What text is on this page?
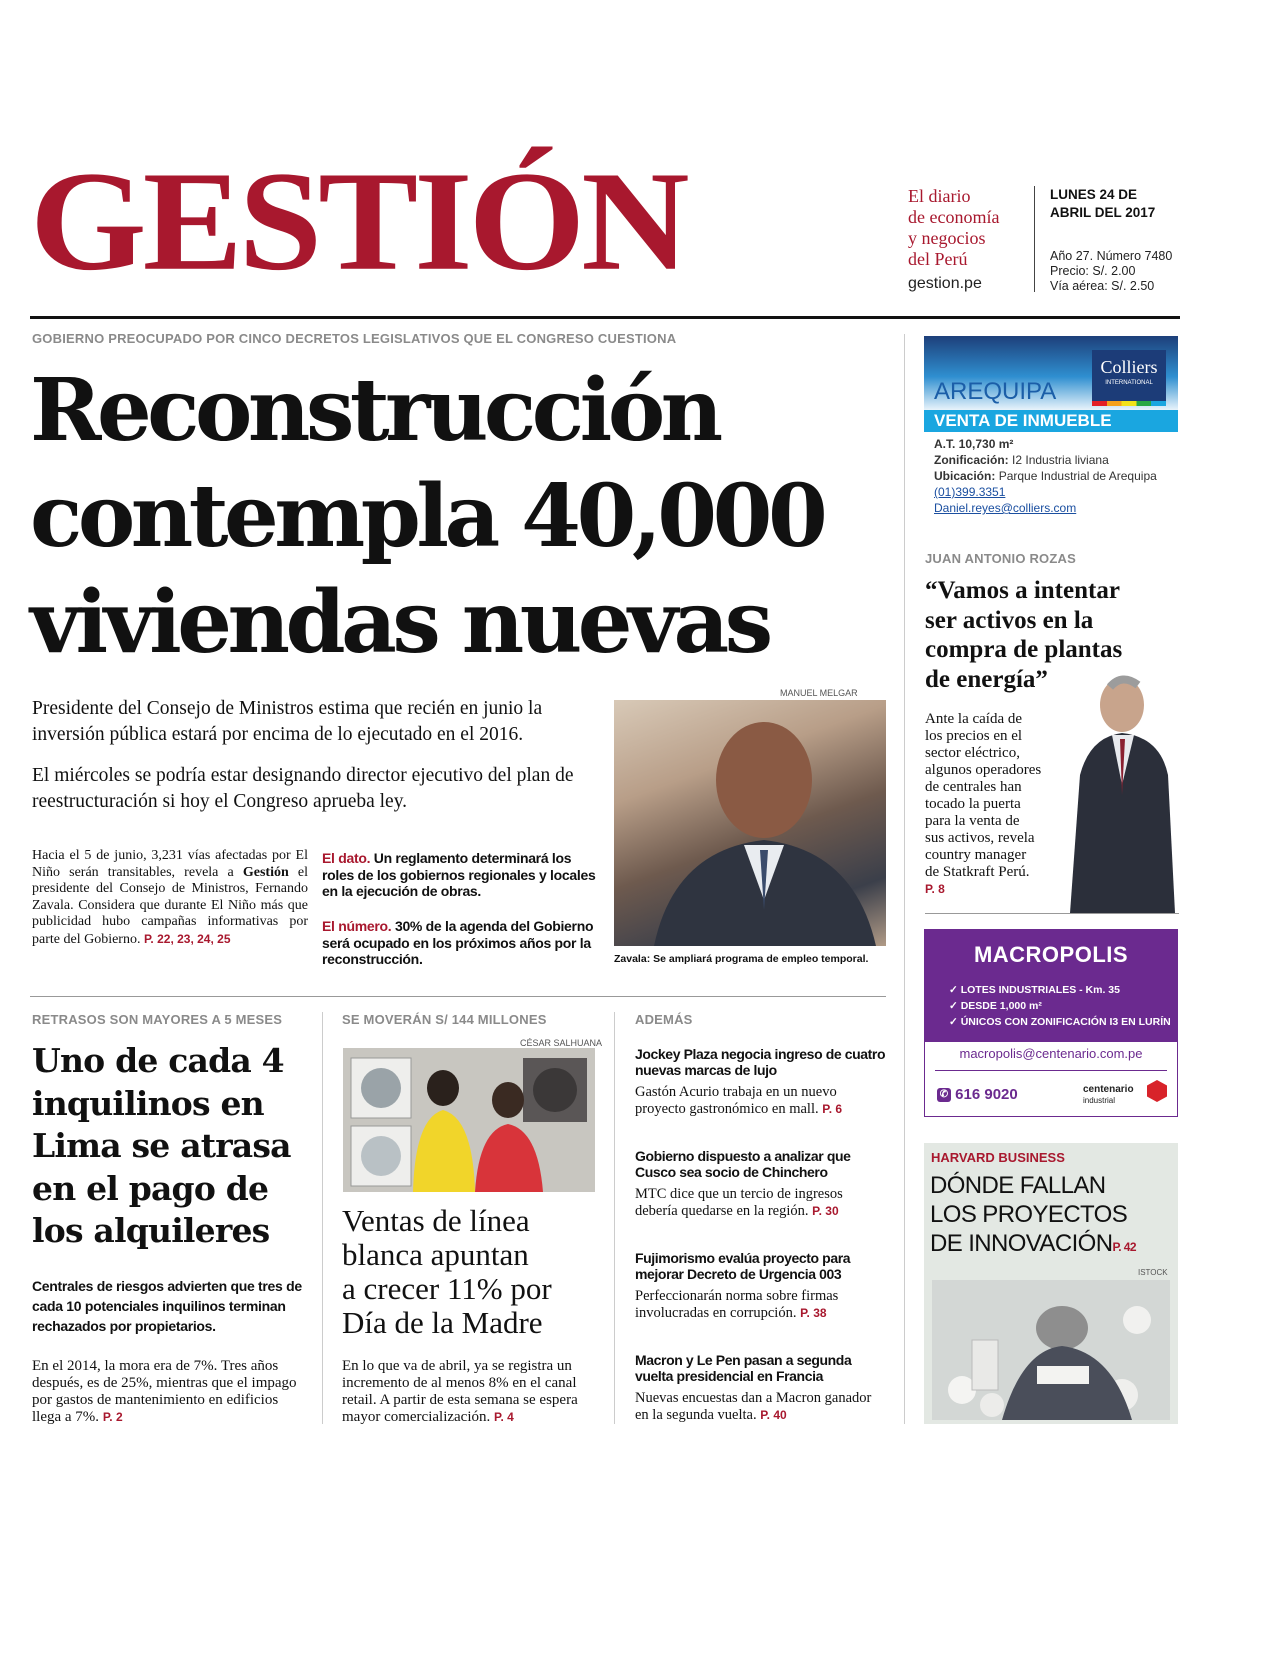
GESTIÓN	El diario
de economía
y negocios
del Perú
gestion.pe
LUNES 24 DE
ABRIL DEL 2017
Año 27. Número 7480
Precio: S/. 2.00
Vía aérea: S/. 2.50
GOBIERNO PREOCUPADO POR CINCO DECRETOS LEGISLATIVOS QUE EL CONGRESO CUESTIONA
Reconstrucción
contempla 40,000
viviendas nuevas
Presidente del Consejo de Ministros estima que recién en junio la inversión pública estará por encima de lo ejecutado en el 2016.
El miércoles se podría estar designando director ejecutivo del plan de reestructuración si hoy el Congreso aprueba ley.
Hacia el 5 de junio, 3,231 vías afectadas por El Niño serán transitables, revela a Gestión el presidente del Consejo de Ministros, Fernando Zavala. Considera que durante El Niño más que publicidad hubo campañas informativas por parte del Gobierno. P. 22, 23, 24, 25
El dato. Un reglamento determinará los roles de los gobiernos regionales y locales en la ejecución de obras.
El número. 30% de la agenda del Gobierno será ocupado en los próximos años por la reconstrucción.
MANUEL MELGAR
Zavala: Se ampliará programa de empleo temporal.
RETRASOS SON MAYORES A 5 MESES
Uno de cada 4
inquilinos en
Lima se atrasa
en el pago de
los alquileres
Centrales de riesgos advierten que tres de cada 10 potenciales inquilinos terminan rechazados por propietarios.
En el 2014, la mora era de 7%. Tres años después, es de 25%, mientras que el impago por gastos de mantenimiento en edificios llega a 7%. P. 2
SE MOVERÁN S/ 144 MILLONES
CÉSAR SALHUANA
Ventas de línea
blanca apuntan
a crecer 11% por
Día de la Madre
En lo que va de abril, ya se registra un incremento de al menos 8% en el canal retail. A partir de esta semana se espera mayor comercialización. P. 4
ADEMÁS
Jockey Plaza negocia ingreso de cuatro nuevas marcas de lujo
Gastón Acurio trabaja en un nuevo proyecto gastronómico en mall. P. 6
Gobierno dispuesto a analizar que Cusco sea socio de Chinchero
MTC dice que un tercio de ingresos debería quedarse en la región. P. 30
Fujimorismo evalúa proyecto para mejorar Decreto de Urgencia 003
Perfeccionarán norma sobre firmas involucradas en corrupción. P. 38
Macron y Le Pen pasan a segunda vuelta presidencial en Francia
Nuevas encuestas dan a Macron ganador en la segunda vuelta. P. 40
Colliers
INTERNATIONAL
AREQUIPA
VENTA DE INMUEBLE
A.T. 10,730 m²
Zonificación: I2 Industria liviana
Ubicación: Parque Industrial de Arequipa
(01)399.3351
Daniel.reyes@colliers.com
JUAN ANTONIO ROZAS
“Vamos a intentar
ser activos en la
compra de plantas
de energía”
Ante la caída de
los precios en el
sector eléctrico,
algunos operadores
de centrales han
tocado la puerta
para la venta de
sus activos, revela
country manager
de Statkraft Perú.
P. 8
MACROPOLIS
✓ LOTES INDUSTRIALES - Km. 35
✓ DESDE 1,000 m²
✓ ÚNICOS CON ZONIFICACIÓN I3 EN LURÍN
macropolis@centenario.com.pe
✆ 616 9020	centenario
industrial
HARVARD BUSINESS
DÓNDE FALLAN
LOS PROYECTOS
DE INNOVACIÓNP. 42
ISTOCK
